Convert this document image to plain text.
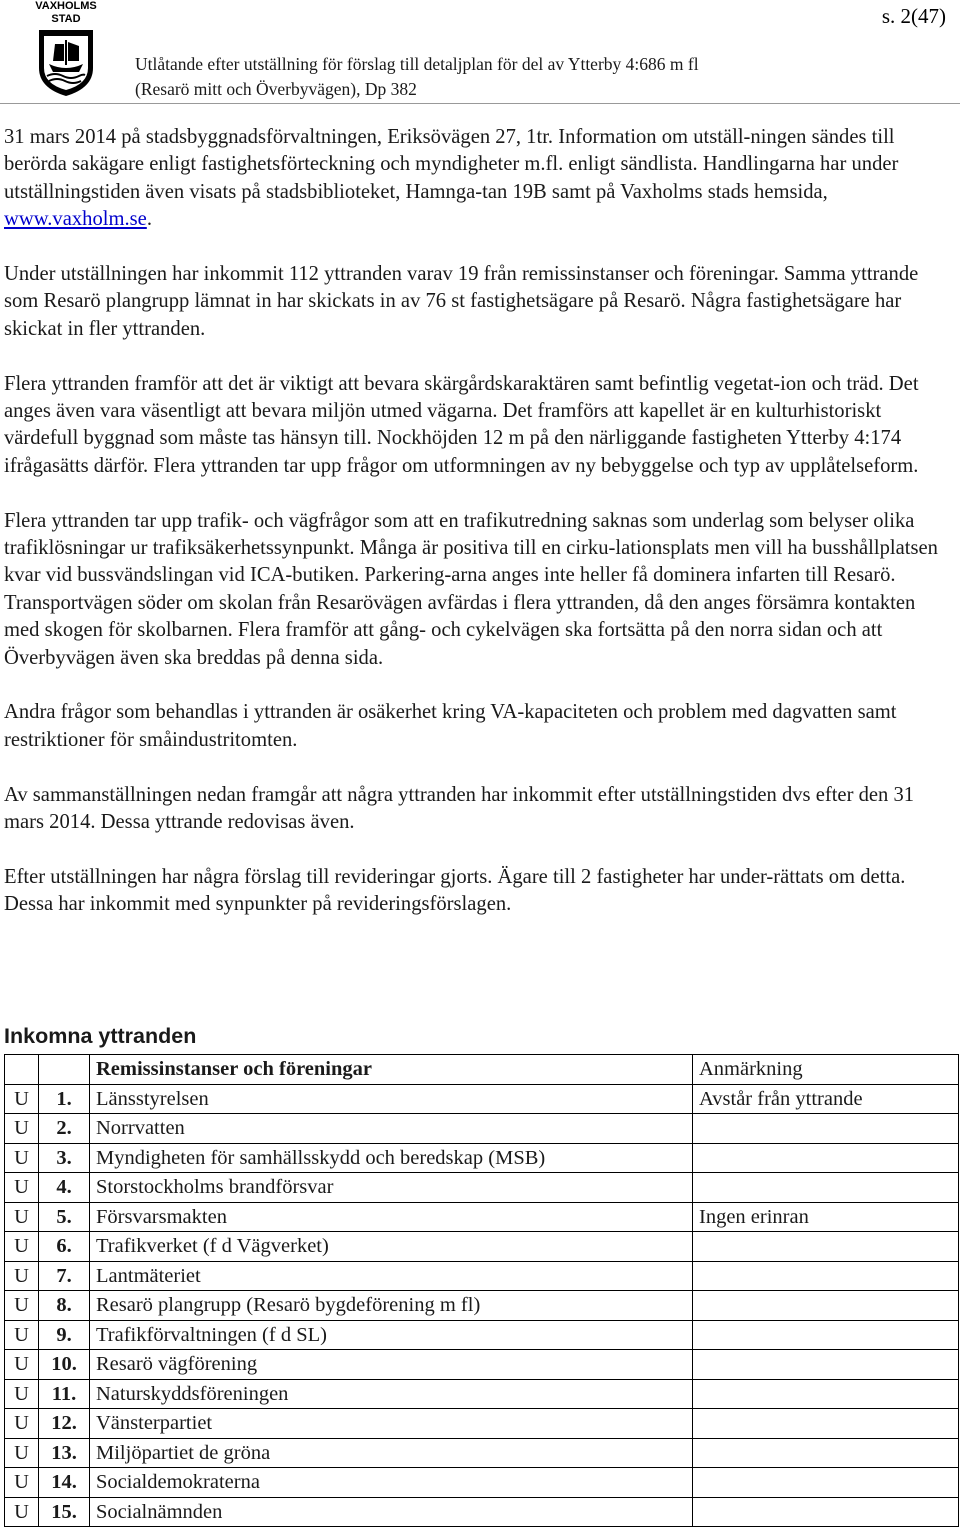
VAXHOLMS STAD	s. 2(47)
Utlåtande efter utställning för förslag till detaljplan för del av Ytterby 4:686 m fl
(Resarö mitt och Överbyvägen), Dp 382

31 mars 2014 på stadsbyggnadsförvaltningen, Eriksövägen 27, 1tr. Information om utställ-ningen sändes till berörda sakägare enligt fastighetsförteckning och myndigheter m.fl. enligt sändlista. Handlingarna har under utställningstiden även visats på stadsbiblioteket, Hamnga-tan 19B samt på Vaxholms stads hemsida, www.vaxholm.se.

Under utställningen har inkommit 112 yttranden varav 19 från remissinstanser och föreningar. Samma yttrande som Resarö plangrupp lämnat in har skickats in av 76 st fastighetsägare på Resarö. Några fastighetsägare har skickat in fler yttranden.

Flera yttranden framför att det är viktigt att bevara skärgårdskaraktären samt befintlig vegetat-ion och träd. Det anges även vara väsentligt att bevara miljön utmed vägarna. Det framförs att kapellet är en kulturhistoriskt värdefull byggnad som måste tas hänsyn till. Nockhöjden 12 m på den närliggande fastigheten Ytterby 4:174 ifrågasätts därför. Flera yttranden tar upp frågor om utformningen av ny bebyggelse och typ av upplåtelseform.

Flera yttranden tar upp trafik- och vägfrågor som att en trafikutredning saknas som underlag som belyser olika trafiklösningar ur trafiksäkerhetssynpunkt. Många är positiva till en cirku-lationsplats men vill ha busshållplatsen kvar vid bussvändslingan vid ICA-butiken. Parkering-arna anges inte heller få dominera infarten till Resarö. Transportvägen söder om skolan från Resarövägen avfärdas i flera yttranden, då den anges försämra kontakten med skogen för skolbarnen. Flera framför att gång- och cykelvägen ska fortsätta på den norra sidan och att Överbyvägen även ska breddas på denna sida.

Andra frågor som behandlas i yttranden är osäkerhet kring VA-kapaciteten och problem med dagvatten samt restriktioner för småindustritomten.

Av sammanställningen nedan framgår att några yttranden har inkommit efter utställningstiden dvs efter den 31 mars 2014. Dessa yttrande redovisas även.

Efter utställningen har några förslag till revideringar gjorts. Ägare till 2 fastigheter har under-rättats om detta. Dessa har inkommit med synpunkter på revideringsförslagen.

Inkomna yttranden
		Remissinstanser och föreningar	Anmärkning
U	1.	Länsstyrelsen	Avstår från yttrande
U	2.	Norrvatten	
U	3.	Myndigheten för samhällsskydd och beredskap (MSB)	
U	4.	Storstockholms brandförsvar	
U	5.	Försvarsmakten	Ingen erinran
U	6.	Trafikverket (f d Vägverket)	
U	7.	Lantmäteriet	
U	8.	Resarö plangrupp (Resarö bygdeförening m fl)	
U	9.	Trafikförvaltningen (f d SL)	
U	10.	Resarö vägförening	
U	11.	Naturskyddsföreningen	
U	12.	Vänsterpartiet	
U	13.	Miljöpartiet de gröna	
U	14.	Socialdemokraterna	
U	15.	Socialnämnden	
